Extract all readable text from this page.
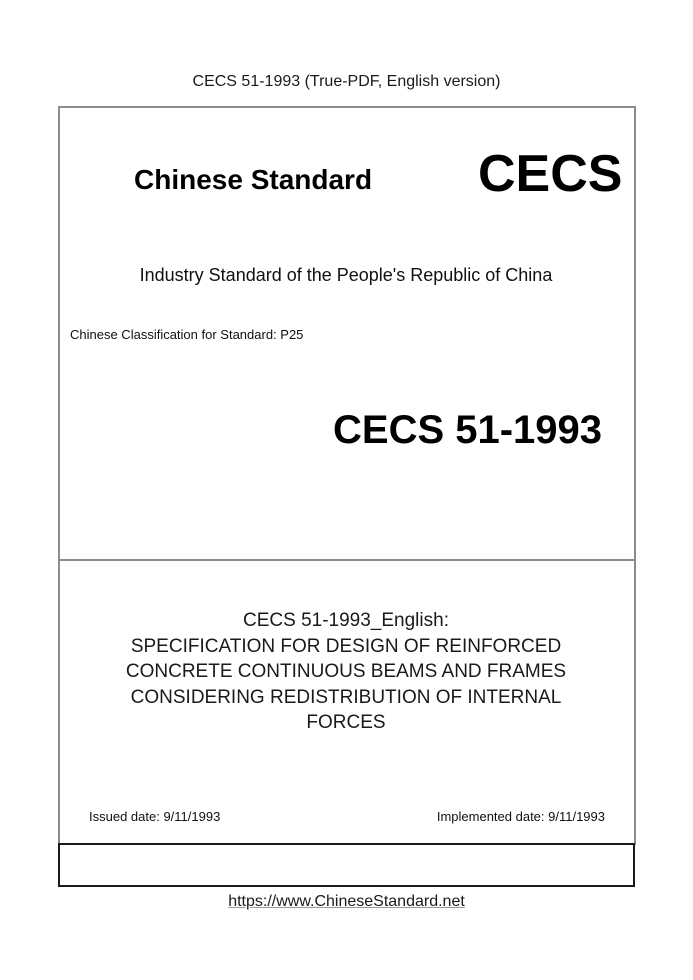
CECS 51-1993 (True-PDF, English version)
Chinese Standard CECS
Industry Standard of the People's Republic of China
Chinese Classification for Standard: P25
CECS 51-1993
CECS 51-1993_English:
SPECIFICATION FOR DESIGN OF REINFORCED
CONCRETE CONTINUOUS BEAMS AND FRAMES
CONSIDERING REDISTRIBUTION OF INTERNAL
FORCES
Issued date: 9/11/1993	Implemented date: 9/11/1993
https://www.ChineseStandard.net
